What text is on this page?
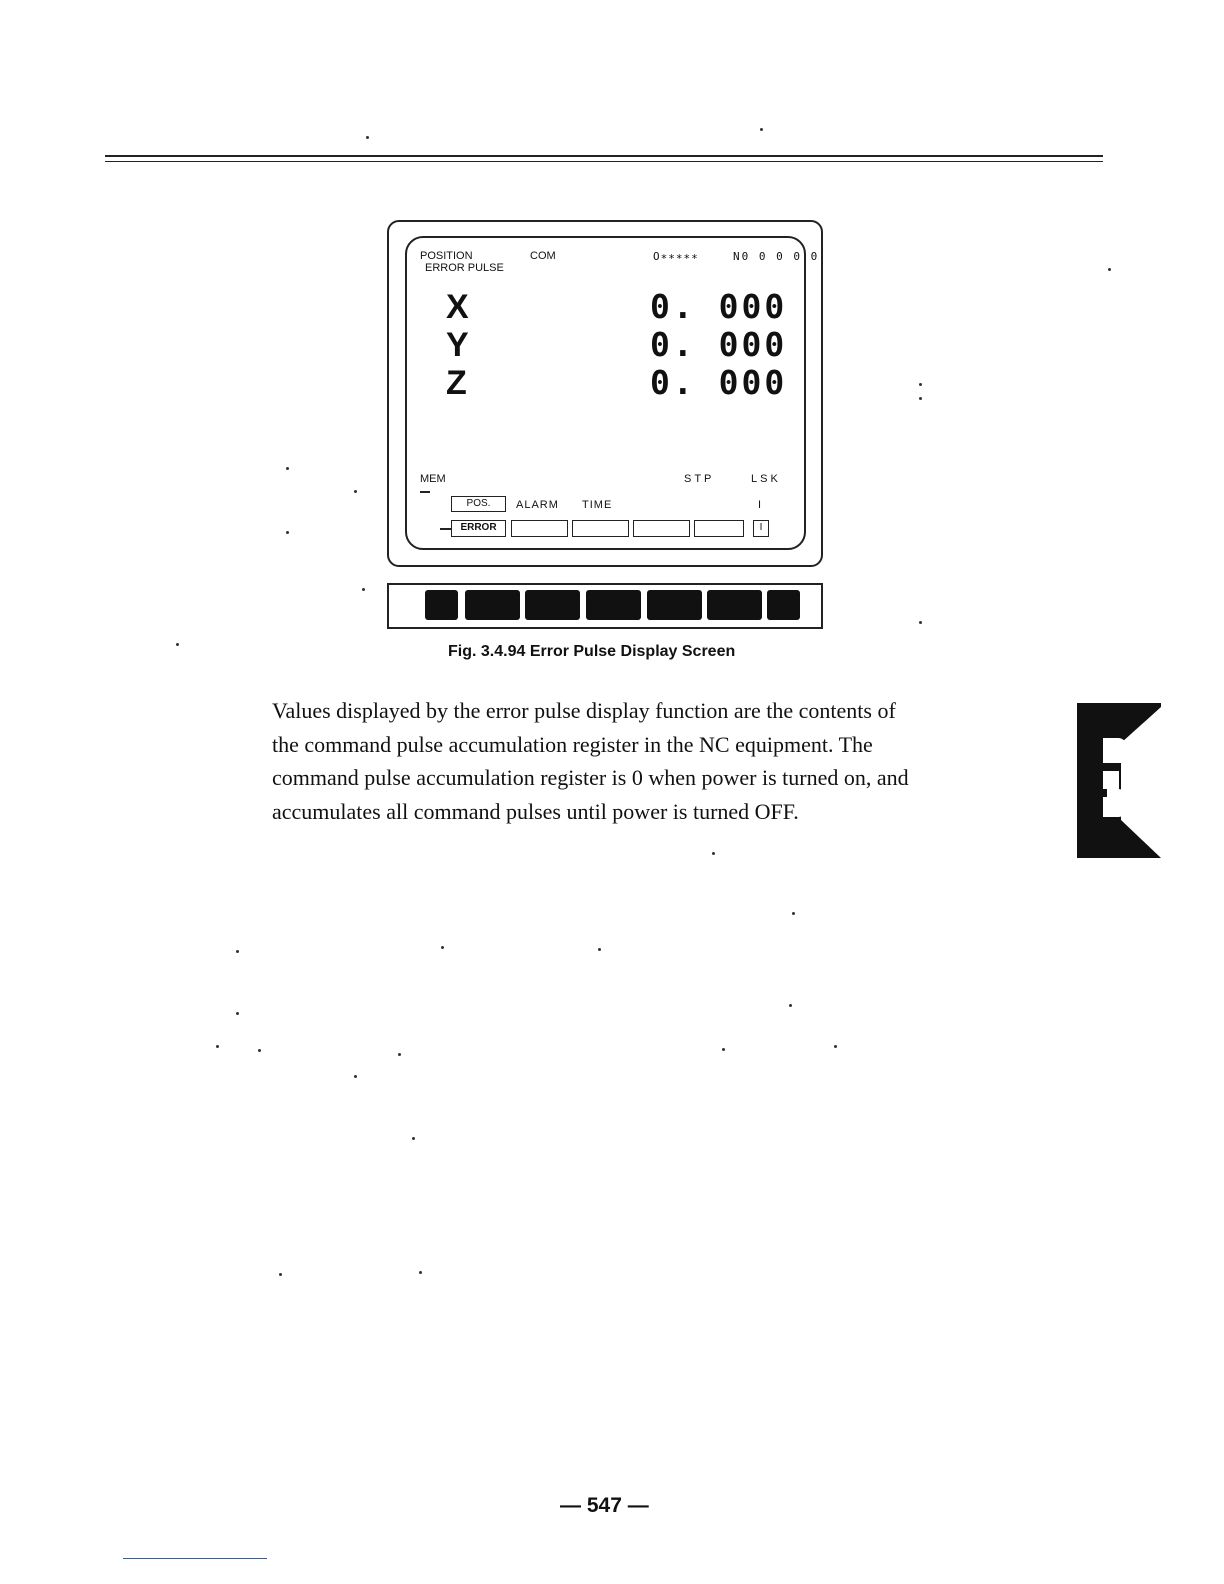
POSITION
ERROR PULSE
COM	O∗∗∗∗∗	N0 0 0 0 0
X
Y
Z
0. 000
0. 000
0. 000
MEM	STP	LSK
POS.	ALARM TIME	I
ERROR	I
Fig. 3.4.94 Error Pulse Display Screen
Values displayed by the error pulse display function are the contents of
the command pulse accumulation register in the NC equipment. The
command pulse accumulation register is 0 when power is turned on, and
accumulates all command pulses until power is turned OFF.
— 547 —
